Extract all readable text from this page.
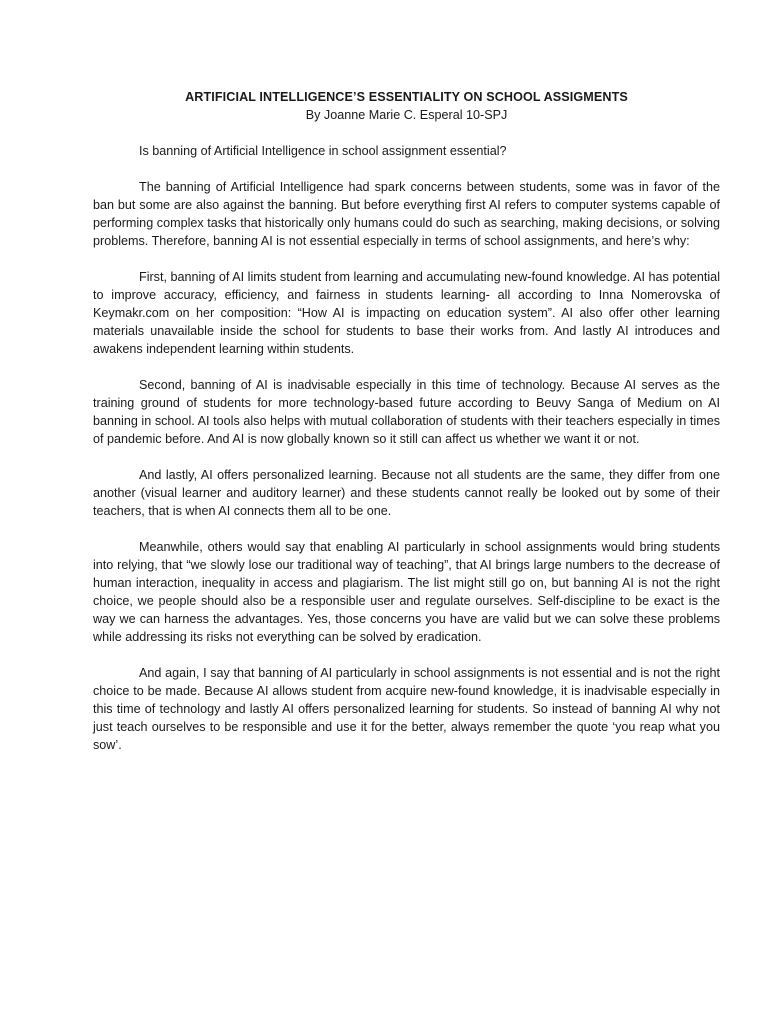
ARTIFICIAL INTELLIGENCE’S ESSENTIALITY ON SCHOOL ASSIGMENTS

By Joanne Marie C. Esperal 10-SPJ

Is banning of Artificial Intelligence in school assignment essential?

The banning of Artificial Intelligence had spark concerns between students, some was in favor of the ban but some are also against the banning. But before everything first AI refers to computer systems capable of performing complex tasks that historically only humans could do such as searching, making decisions, or solving problems. Therefore, banning AI is not essential especially in terms of school assignments, and here’s why:

First, banning of AI limits student from learning and accumulating new-found knowledge. AI has potential to improve accuracy, efficiency, and fairness in students learning- all according to Inna Nomerovska of Keymakr.com on her composition: “How AI is impacting on education system”. AI also offer other learning materials unavailable inside the school for students to base their works from. And lastly AI introduces and awakens independent learning within students.

Second, banning of AI is inadvisable especially in this time of technology. Because AI serves as the training ground of students for more technology-based future according to Beuvy Sanga of Medium on AI banning in school. AI tools also helps with mutual collaboration of students with their teachers especially in times of pandemic before. And AI is now globally known so it still can affect us whether we want it or not.

And lastly, AI offers personalized learning. Because not all students are the same, they differ from one another (visual learner and auditory learner) and these students cannot really be looked out by some of their teachers, that is when AI connects them all to be one.

Meanwhile, others would say that enabling AI particularly in school assignments would bring students into relying, that “we slowly lose our traditional way of teaching”, that AI brings large numbers to the decrease of human interaction, inequality in access and plagiarism. The list might still go on, but banning AI is not the right choice, we people should also be a responsible user and regulate ourselves. Self-discipline to be exact is the way we can harness the advantages. Yes, those concerns you have are valid but we can solve these problems while addressing its risks not everything can be solved by eradication.

And again, I say that banning of AI particularly in school assignments is not essential and is not the right choice to be made. Because AI allows student from acquire new-found knowledge, it is inadvisable especially in this time of technology and lastly AI offers personalized learning for students. So instead of banning AI why not just teach ourselves to be responsible and use it for the better, always remember the quote ‘you reap what you sow’.
